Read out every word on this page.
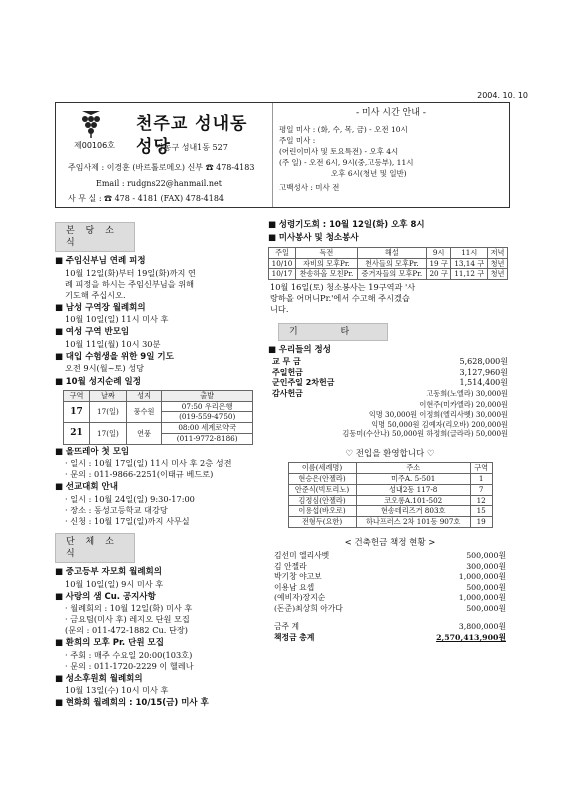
2004. 10. 10
천주교 성내동 성당
제00106호	강동구 성내1동 527
주임사제 : 이경훈 (바르톨로메오) 신부 ☎ 478-4183
Email : rudgns22@hanmail.net
사 무 실 : ☎ 478 - 4181 (FAX) 478-4184
- 미사 시간 안내 -

평일 미사 : (화, 수, 목, 금) - 오전 10시

주일 미사 :

(어린이미사 및 토요특전) - 오후 4시

(주 일) - 오전 6시, 9시(중,고등부), 11시

오후 6시(청년 및 일반)

고백성사 : 미사 전

본 당 소 식
■ 주임신부님 연례 피정
10월 12일(화)부터 19일(화)까지 연
례 피정을 하시는 주임신부님을 위해
기도해 주십시오.
■ 남성 구역장 월례회의
10월 10일(일) 11시 미사 후
■ 여성 구역 반모임
10월 11일(월) 10시 30분
■ 대입 수험생을 위한 9일 기도
오전 9시(월~토) 성당
■ 10월 성지순례 일정
구역	날짜	성지	출발
17	17(일)	풍수원	07:50 우리은행
			(019-559-4750)
21	17(일)	연풍	08:00 세계로약국
			(011-9772-8186)
■ 올뜨레아 첫 모임
· 일시 : 10월 17일(일) 11시 미사 후 2층 성전
· 문의 : 011-9866-2251(이태규 베드로)
■ 선교대회 안내
· 일시 : 10월 24일(일) 9:30-17:00
· 장소 : 동성고등학교 대강당
· 신청 : 10월 17일(일)까지 사무실
단 체 소 식
■ 중고등부 자모회 월례회의
10월 10일(일) 9시 미사 후
■ 사랑의 샘 Cu. 공지사항
· 월례회의 : 10월 12일(화) 미사 후
· 금요팀(미사 후) 레지오 단원 모집
(문의 : 011-472-1882 Cu. 단장)
■ 환희의 모후 Pr. 단원 모집
· 주회 : 매주 수요일 20:00(103호)
· 문의 : 011-1720-2229 이 헬레나
■ 성소후원회 월례회의
10월 13일(수) 10시 미사 후
■ 현화회 월례회의 : 10/15(금) 미사 후
■ 성령기도회 : 10월 12일(화) 오후 8시
■ 미사봉사 및 청소봉사
주일	독전	해설	9시	11시	저녁
10/10	자비의 모후Pr.	천사들의 모후Pr.	19 구	13,14 구	청년
10/17	찬송하올 모친Pr.	증거자들의 모후Pr.	20 구	11,12 구	청년
10월 16일(토) 청소봉사는 19구역과 '사
랑하올 어머니Pr.'에서 수고해 주시겠습
니다.
기 타
■ 우리들의 정성
교 무 금	5,628,000원
주일헌금	3,127,960원
군인주일 2차헌금	1,514,400원
감사헌금	고동희(노엘라) 30,000원
이현주(미카엘라) 20,000원
익명 30,000원 이정희(엘리사벳) 30,000원
익명 50,000원 김예자(리오바) 200,000원
김동미(수산나) 50,000원 하정희(글라라) 50,000원
♡ 전입을 환영합니다 ♡
이름(세례명)	주소	구역
현승은(안젤라)	미주A. 5-501	1
안준식(빅토리노)	성내2동 117-8	7
김정심(안젤라)	코오롱A.101-502	12
이용섭(바오로)	현송데리즈거 803호	15
전형두(요한)	하나프러스 2차 101동 907호	19
< 건축헌금 책정 현황 >
김선미 엘리사벳	500,000원
김 안젤라	300,000원
박기창 야고보	1,000,000원
이용남 요셉	500,000원
(예비자)장지순	1,000,000원
(돈준)최상희 아가다	500,000원
금주 계	3,800,000원
책정금 총계	2,570,413,900원
